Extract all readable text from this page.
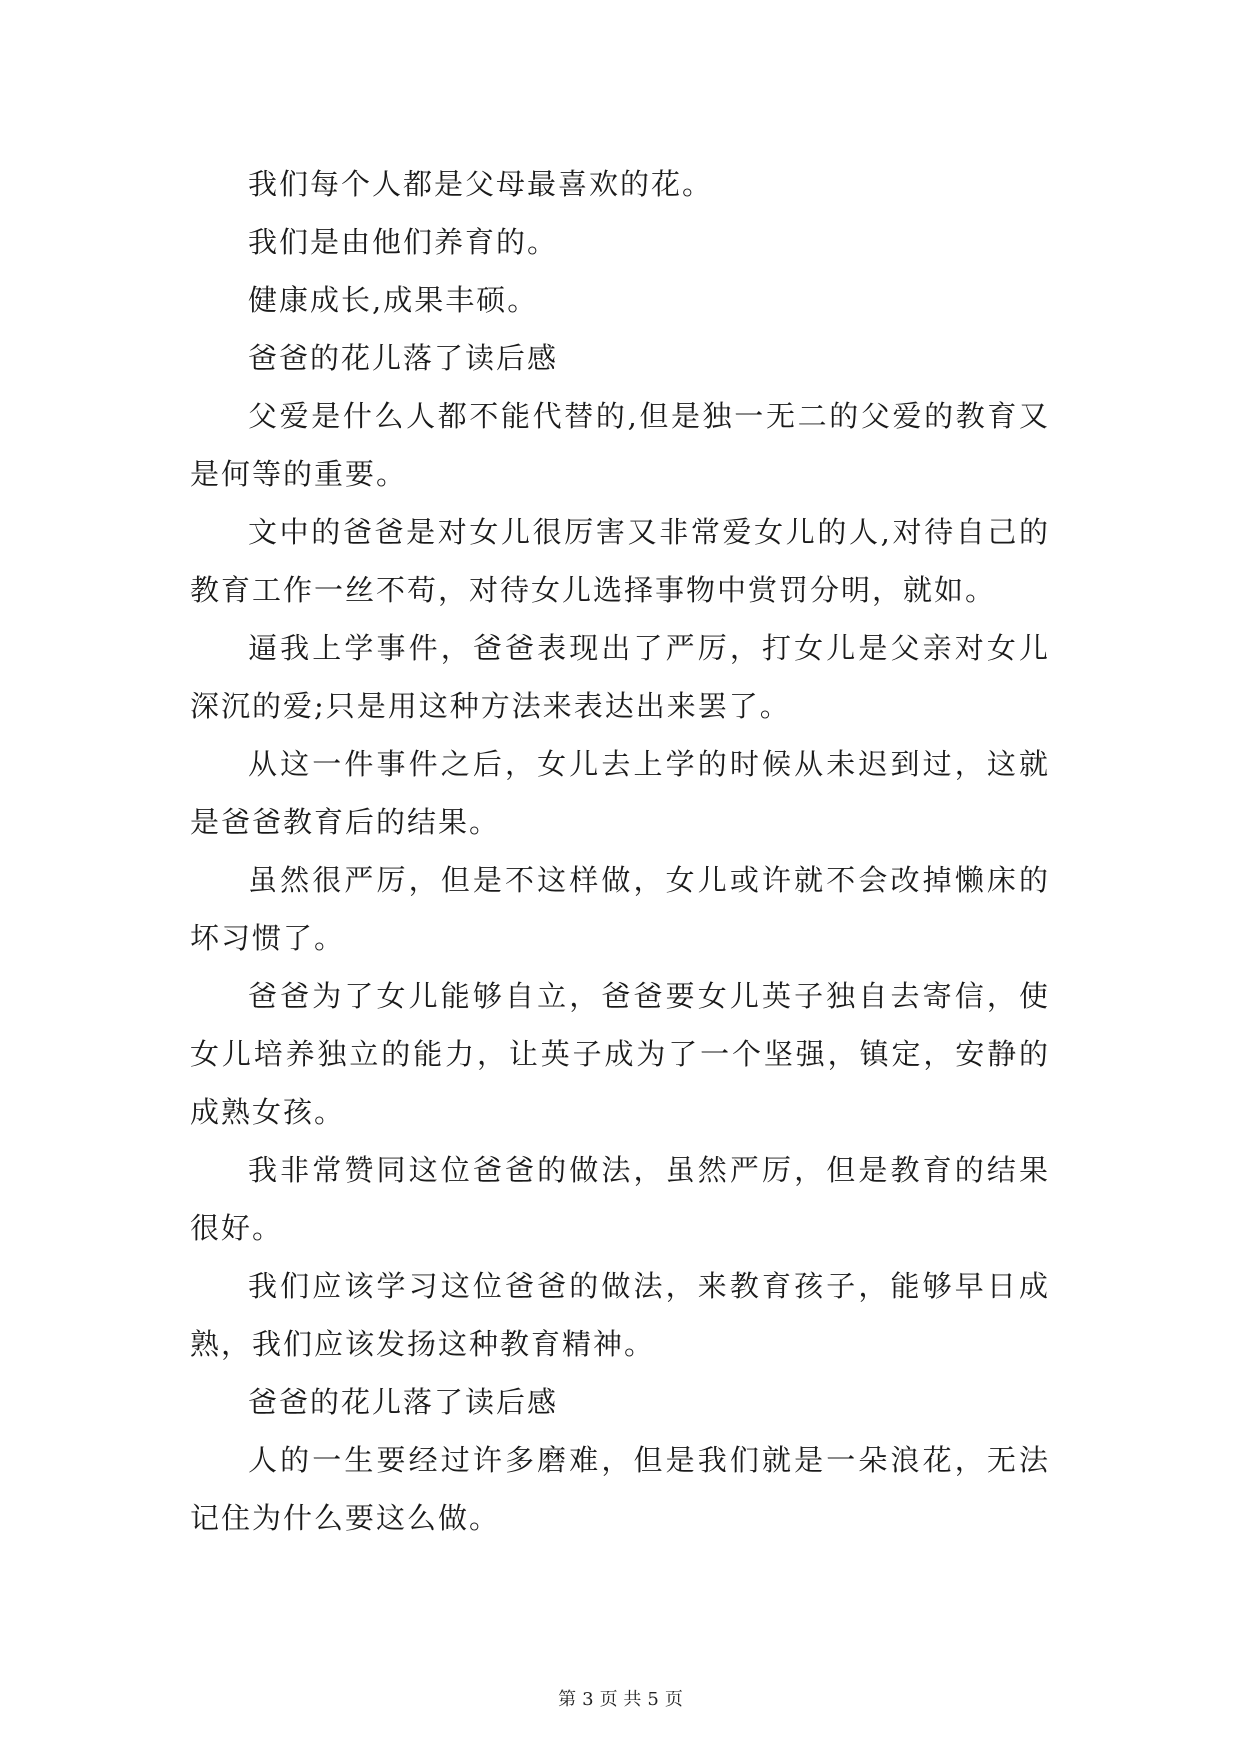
我们每个人都是父母最喜欢的花。

我们是由他们养育的。

健康成长,成果丰硕。

爸爸的花儿落了读后感

父爱是什么人都不能代替的,但是独一无二的父爱的教育又是何等的重要。

文中的爸爸是对女儿很厉害又非常爱女儿的人,对待自己的教育工作一丝不苟，对待女儿选择事物中赏罚分明，就如。

逼我上学事件，爸爸表现出了严厉，打女儿是父亲对女儿深沉的爱;只是用这种方法来表达出来罢了。

从这一件事件之后，女儿去上学的时候从未迟到过，这就是爸爸教育后的结果。

虽然很严厉，但是不这样做，女儿或许就不会改掉懒床的坏习惯了。

爸爸为了女儿能够自立，爸爸要女儿英子独自去寄信，使女儿培养独立的能力，让英子成为了一个坚强，镇定，安静的成熟女孩。

我非常赞同这位爸爸的做法，虽然严厉，但是教育的结果很好。

我们应该学习这位爸爸的做法，来教育孩子，能够早日成熟，我们应该发扬这种教育精神。

爸爸的花儿落了读后感

人的一生要经过许多磨难，但是我们就是一朵浪花，无法记住为什么要这么做。

第 3 页 共 5 页
